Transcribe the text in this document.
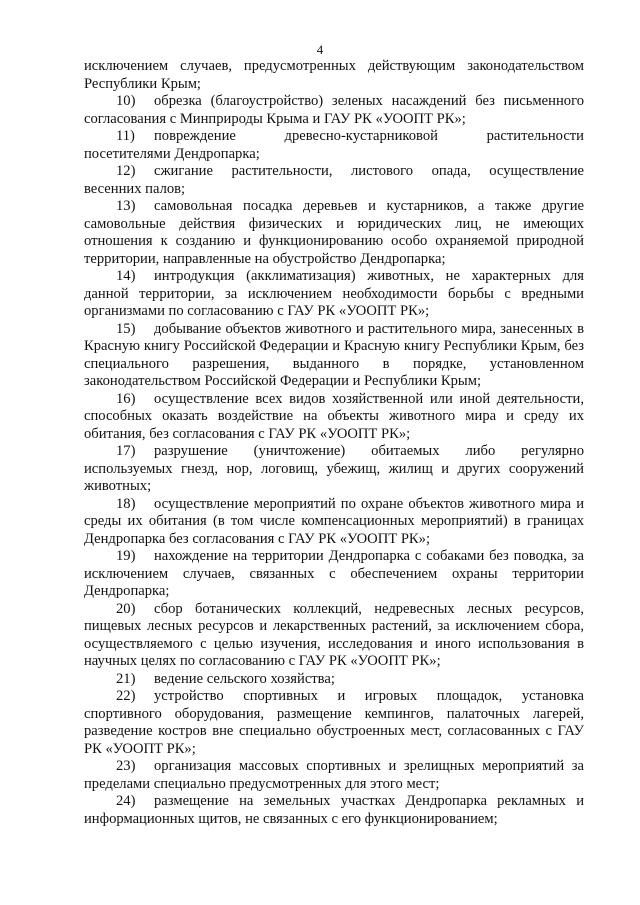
4

исключением случаев, предусмотренных действующим законодательством Республики Крым;

10) обрезка (благоустройство) зеленых насаждений без письменного согласования с Минприроды Крыма и ГАУ РК «УООПТ РК»;

11) повреждение древесно-кустарниковой растительности посетителями Дендропарка;

12) сжигание растительности, листового опада, осуществление весенних палов;

13) самовольная посадка деревьев и кустарников, а также другие самовольные действия физических и юридических лиц, не имеющих отношения к созданию и функционированию особо охраняемой природной территории, направленные на обустройство Дендропарка;

14) интродукция (акклиматизация) животных, не характерных для данной территории, за исключением необходимости борьбы с вредными организмами по согласованию с ГАУ РК «УООПТ РК»;

15) добывание объектов животного и растительного мира, занесенных в Красную книгу Российской Федерации и Красную книгу Республики Крым, без специального разрешения, выданного в порядке, установленном законодательством Российской Федерации и Республики Крым;

16) осуществление всех видов хозяйственной или иной деятельности, способных оказать воздействие на объекты животного мира и среду их обитания, без согласования с ГАУ РК «УООПТ РК»;

17) разрушение (уничтожение) обитаемых либо регулярно используемых гнезд, нор, логовищ, убежищ, жилищ и других сооружений животных;

18) осуществление мероприятий по охране объектов животного мира и среды их обитания (в том числе компенсационных мероприятий) в границах Дендропарка без согласования с ГАУ РК «УООПТ РК»;

19) нахождение на территории Дендропарка с собаками без поводка, за исключением случаев, связанных с обеспечением охраны территории Дендропарка;

20) сбор ботанических коллекций, недревесных лесных ресурсов, пищевых лесных ресурсов и лекарственных растений, за исключением сбора, осуществляемого с целью изучения, исследования и иного использования в научных целях по согласованию с ГАУ РК «УООПТ РК»;

21) ведение сельского хозяйства;

22) устройство спортивных и игровых площадок, установка спортивного оборудования, размещение кемпингов, палаточных лагерей, разведение костров вне специально обустроенных мест, согласованных с ГАУ РК «УООПТ РК»;

23) организация массовых спортивных и зрелищных мероприятий за пределами специально предусмотренных для этого мест;

24) размещение на земельных участках Дендропарка рекламных и информационных щитов, не связанных с его функционированием;
